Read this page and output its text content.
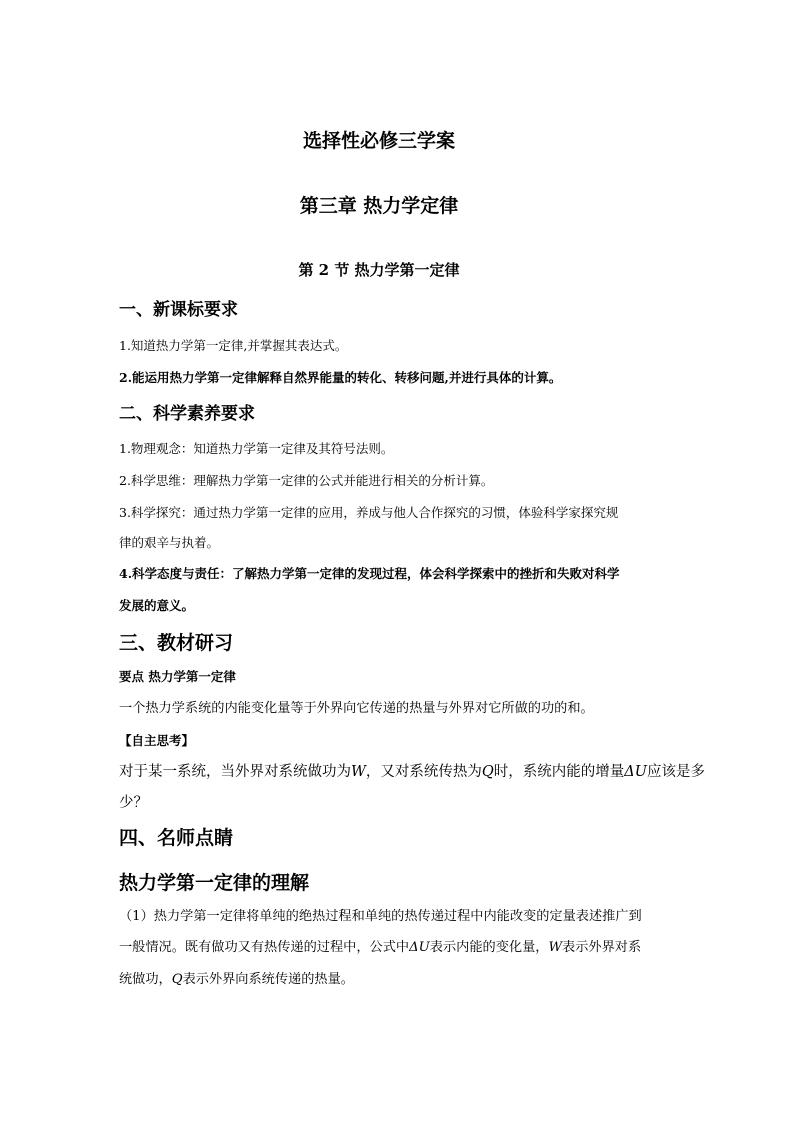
选择性必修三学案
第三章 热力学定律
第 2 节 热力学第一定律
一、新课标要求
1.知道热力学第一定律,并掌握其表达式。
2.能运用热力学第一定律解释自然界能量的转化、转移问题,并进行具体的计算。
二、科学素养要求
1.物理观念：知道热力学第一定律及其符号法则。
2.科学思维：理解热力学第一定律的公式并能进行相关的分析计算。
3.科学探究：通过热力学第一定律的应用，养成与他人合作探究的习惯，体验科学家探究规
律的艰辛与执着。
4.科学态度与责任：了解热力学第一定律的发现过程，体会科学探索中的挫折和失败对科学
发展的意义。
三、教材研习
要点 热力学第一定律
一个热力学系统的内能变化量等于外界向它传递的热量与外界对它所做的功的和。
【自主思考】
对于某一系统，当外界对系统做功为W，又对系统传热为Q时，系统内能的增量ΔU应该是多
少？
四、名师点睛
热力学第一定律的理解
（1）热力学第一定律将单纯的绝热过程和单纯的热传递过程中内能改变的定量表述推广到
一般情况。既有做功又有热传递的过程中，公式中ΔU表示内能的变化量，W表示外界对系
统做功，Q表示外界向系统传递的热量。
